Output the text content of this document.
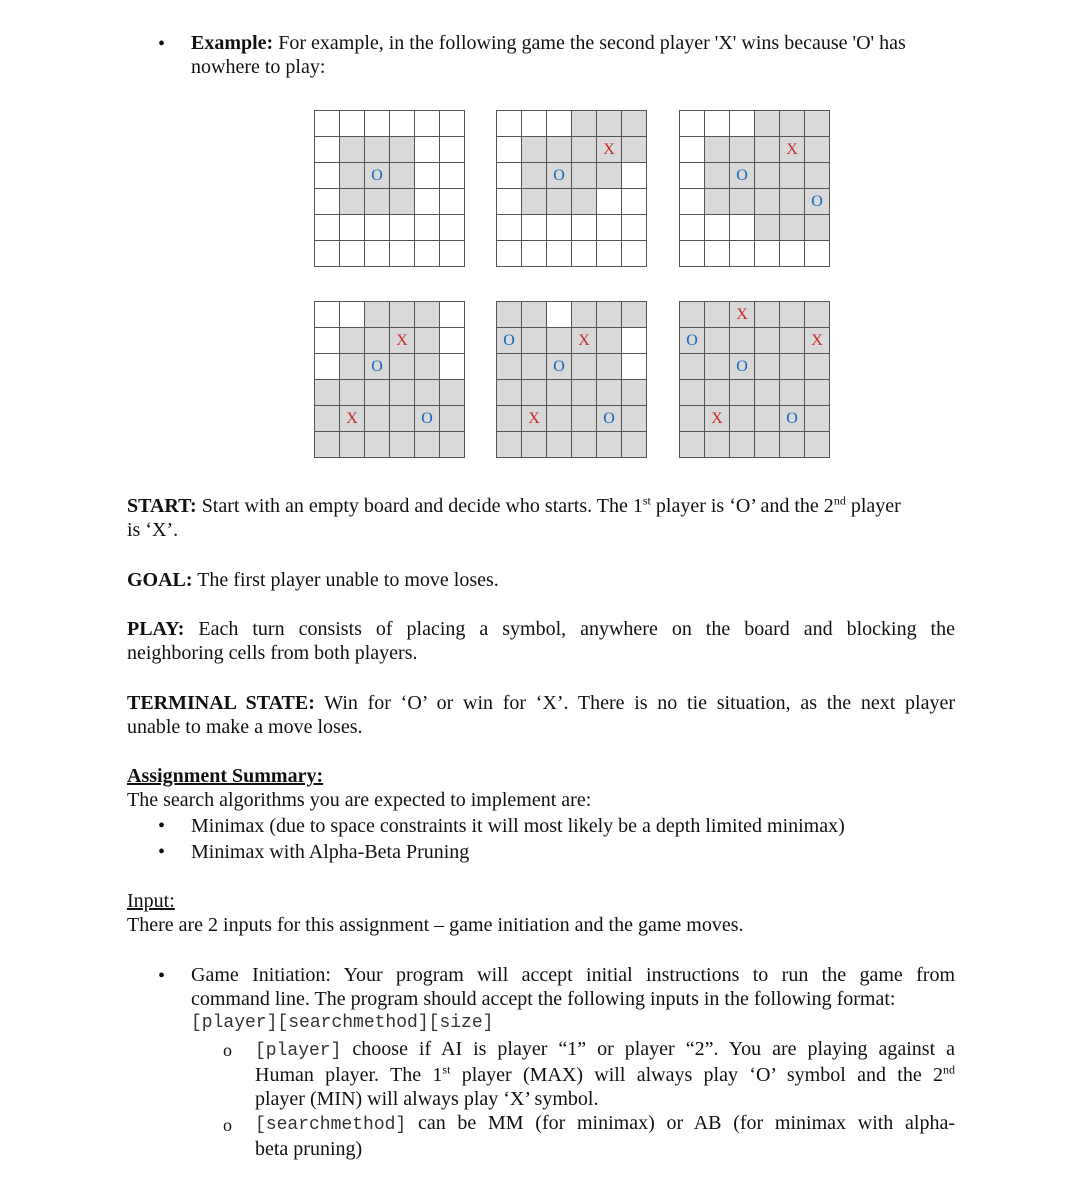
• Example: For example, in the following game the second player 'X' wins because 'O' has
nowhere to play:

		O			

				X	
		O			

				X	
		O			
					O

			X		
		O			

	X			O	

O			X		
		O			

	X			O	

		X			
O					X
		O			

	X			O	

START: Start with an empty board and decide who starts. The 1st player is ‘O’ and the 2nd player
is ‘X’.
GOAL: The first player unable to move loses.
PLAY: Each turn consists of placing a symbol, anywhere on the board and blocking the
neighboring cells from both players.
TERMINAL STATE: Win for ‘O’ or win for ‘X’. There is no tie situation, as the next player
unable to make a move loses.
Assignment Summary:
The search algorithms you are expected to implement are:
• Minimax (due to space constraints it will most likely be a depth limited minimax)
• Minimax with Alpha-Beta Pruning
Input:
There are 2 inputs for this assignment – game initiation and the game moves.
• Game Initiation: Your program will accept initial instructions to run the game from
command line. The program should accept the following inputs in the following format:
[player][searchmethod][size]
o [player] choose if AI is player “1” or player “2”. You are playing against a
Human player. The 1st player (MAX) will always play ‘O’ symbol and the 2nd
player (MIN) will always play ‘X’ symbol.
o [searchmethod] can be MM (for minimax) or AB (for minimax with alpha-
beta pruning)
